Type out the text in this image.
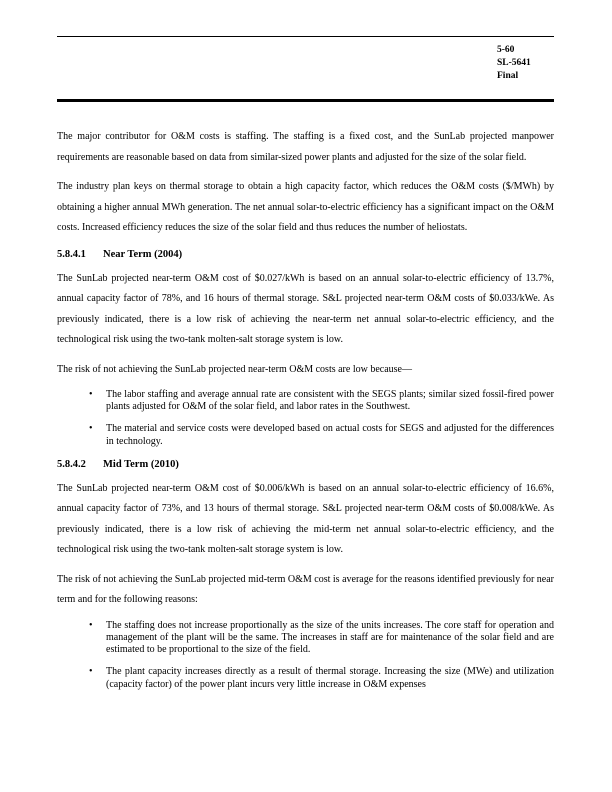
5-60
SL-5641
Final

The major contributor for O&M costs is staffing. The staffing is a fixed cost, and the SunLab projected manpower requirements are reasonable based on data from similar-sized power plants and adjusted for the size of the solar field.

The industry plan keys on thermal storage to obtain a high capacity factor, which reduces the O&M costs ($/MWh) by obtaining a higher annual MWh generation. The net annual solar-to-electric efficiency has a significant impact on the O&M costs. Increased efficiency reduces the size of the solar field and thus reduces the number of heliostats.

5.8.4.1 Near Term (2004)

The SunLab projected near-term O&M cost of $0.027/kWh is based on an annual solar-to-electric efficiency of 13.7%, annual capacity factor of 78%, and 16 hours of thermal storage. S&L projected near-term O&M costs of $0.033/kWe. As previously indicated, there is a low risk of achieving the near-term net annual solar-to-electric efficiency, and the technological risk using the two-tank molten-salt storage system is low.

The risk of not achieving the SunLab projected near-term O&M costs are low because—

• The labor staffing and average annual rate are consistent with the SEGS plants; similar sized fossil-fired power plants adjusted for O&M of the solar field, and labor rates in the Southwest.
• The material and service costs were developed based on actual costs for SEGS and adjusted for the differences in technology.
5.8.4.2 Mid Term (2010)

The SunLab projected near-term O&M cost of $0.006/kWh is based on an annual solar-to-electric efficiency of 16.6%, annual capacity factor of 73%, and 13 hours of thermal storage. S&L projected near-term O&M costs of $0.008/kWe. As previously indicated, there is a low risk of achieving the mid-term net annual solar-to-electric efficiency, and the technological risk using the two-tank molten-salt storage system is low.

The risk of not achieving the SunLab projected mid-term O&M cost is average for the reasons identified previously for near term and for the following reasons:

• The staffing does not increase proportionally as the size of the units increases. The core staff for operation and management of the plant will be the same. The increases in staff are for maintenance of the solar field and are estimated to be proportional to the size of the field.
• The plant capacity increases directly as a result of thermal storage. Increasing the size (MWe) and utilization (capacity factor) of the power plant incurs very little increase in O&M expenses
